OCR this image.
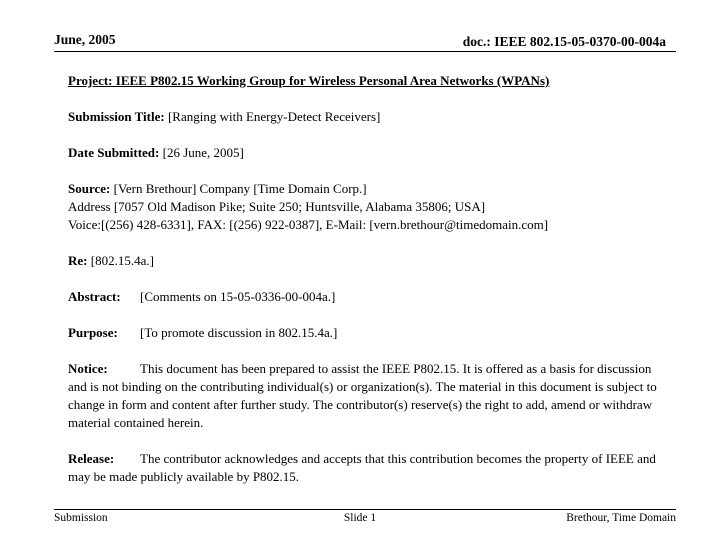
June, 2005	doc.: IEEE 802.15-05-0370-00-004a

Project: IEEE P802.15 Working Group for Wireless Personal Area Networks (WPANs)

Submission Title: [Ranging with Energy-Detect Receivers]

Date Submitted: [26 June, 2005]

Source: [Vern Brethour] Company [Time Domain Corp.]

Address [7057 Old Madison Pike; Suite 250; Huntsville, Alabama 35806; USA]

Voice:[(256) 428-6331], FAX: [(256) 922-0387], E-Mail: [vern.brethour@timedomain.com]

Re: [802.15.4a.]

Abstract: [Comments on 15-05-0336-00-004a.]

Purpose: [To promote discussion in 802.15.4a.]

Notice: This document has been prepared to assist the IEEE P802.15. It is offered as a basis for discussion and is not binding on the contributing individual(s) or organization(s). The material in this document is subject to change in form and content after further study. The contributor(s) reserve(s) the right to add, amend or withdraw material contained herein.

Release: The contributor acknowledges and accepts that this contribution becomes the property of IEEE and may be made publicly available by P802.15.

Submission	Slide 1	Brethour, Time Domain
